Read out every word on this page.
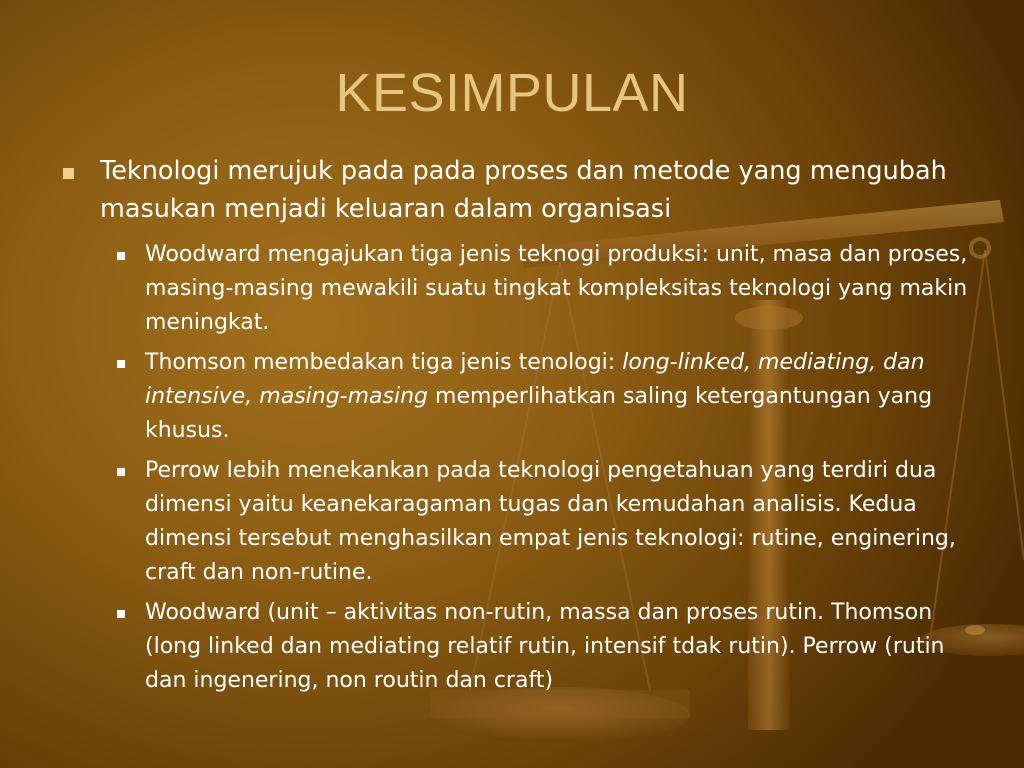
KESIMPULAN
Teknologi merujuk pada pada proses dan metode yang mengubah masukan menjadi keluaran dalam organisasi
Woodward mengajukan tiga jenis teknogi produksi: unit, masa dan proses, masing-masing mewakili suatu tingkat kompleksitas teknologi yang makin meningkat.
Thomson membedakan tiga jenis tenologi: long-linked, mediating, dan intensive, masing-masing memperlihatkan saling ketergantungan yang khusus.
Perrow lebih menekankan pada teknologi pengetahuan yang terdiri dua dimensi yaitu keanekaragaman tugas dan kemudahan analisis. Kedua dimensi tersebut menghasilkan empat jenis teknologi: rutine, enginering, craft dan non-rutine.
Woodward (unit – aktivitas non-rutin, massa dan proses rutin. Thomson (long linked dan mediating relatif rutin, intensif tdak rutin). Perrow (rutin dan ingenering, non routin dan craft)
